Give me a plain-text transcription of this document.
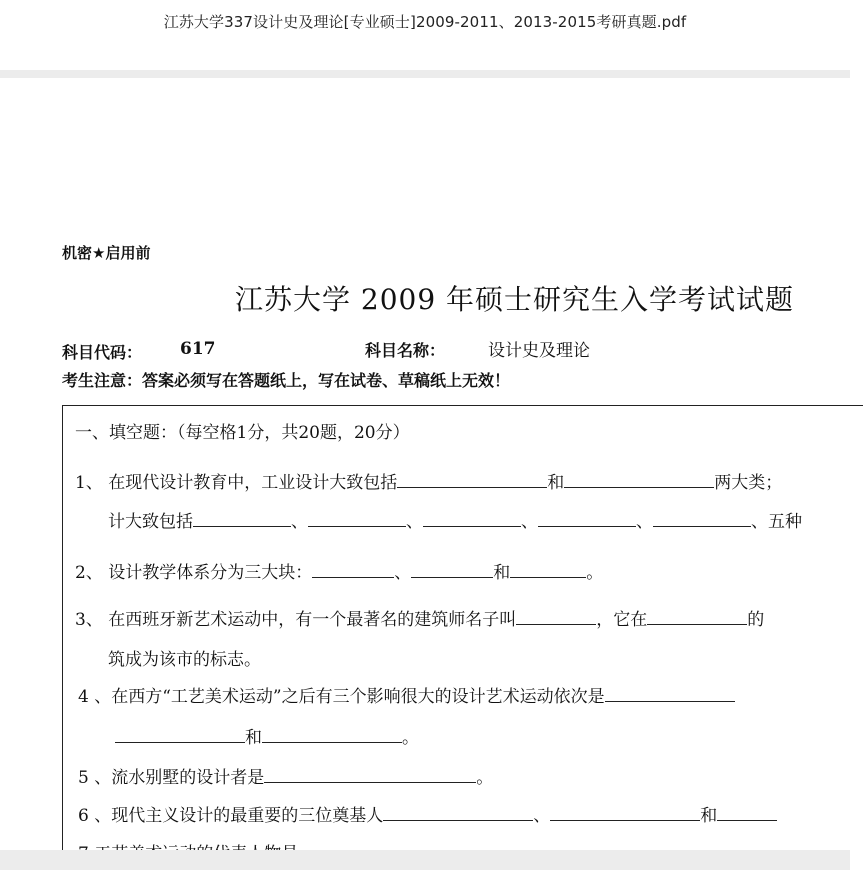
江苏大学337设计史及理论[专业硕士]2009-2011、2013-2015考研真题.pdf
机密★启用前
江苏大学 2009 年硕士研究生入学考试试题
科目代码： 617	科目名称：	设计史及理论
考生注意：答案必须写在答题纸上，写在试卷、草稿纸上无效！
一、填空题：（每空格1分，共20题，20分）
1、 在现代设计教育中，工业设计大致包括	和	两大类；
计大致包括	、	、	、	、	、五种
2、 设计教学体系分为三大块：	、	和	。
3、 在西班牙新艺术运动中，有一个最著名的建筑师名子叫	，它在	的
筑成为该市的标志。
4 、在西方“工艺美术运动”之后有三个影响很大的设计艺术运动依次是
和	。
5 、流水别墅的设计者是	。
6 、现代主义设计的最重要的三位奠基人	、	和
